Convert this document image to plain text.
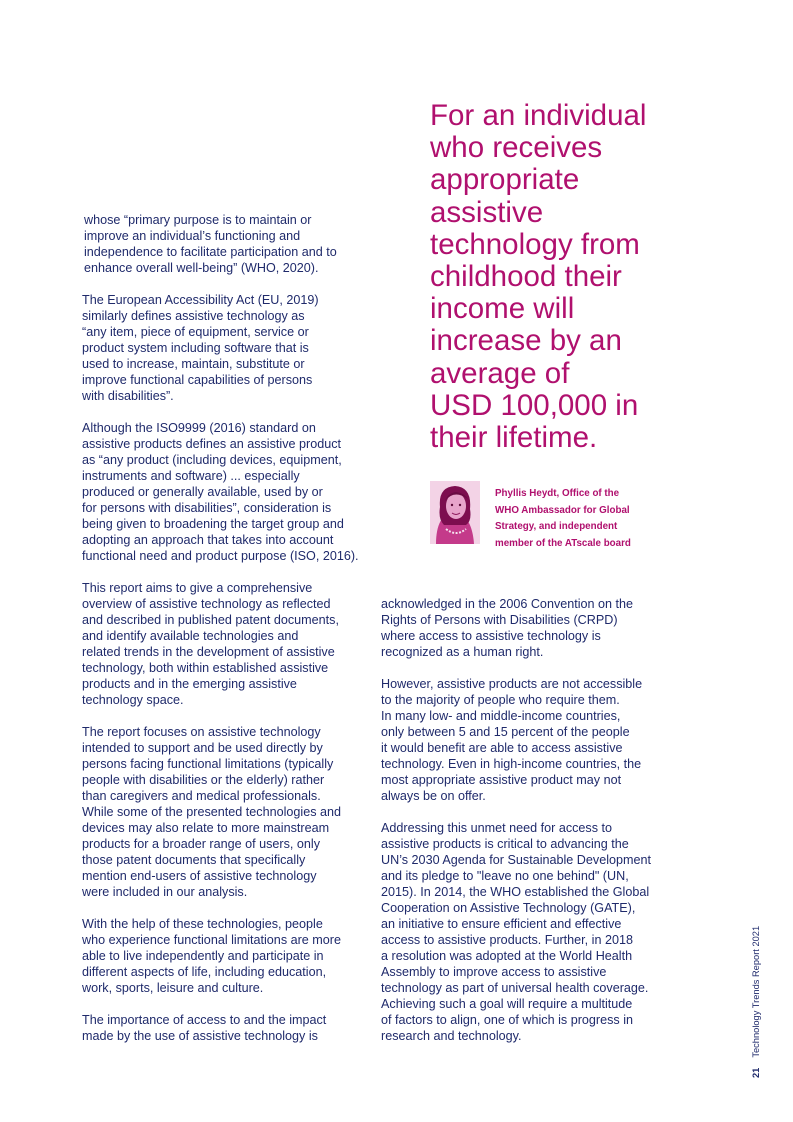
For an individual
who receives
appropriate
assistive
technology from
childhood their
income will
increase by an
average of
USD 100,000 in
their lifetime.
Phyllis Heydt, Office of the
WHO Ambassador for Global
Strategy, and independent
member of the ATscale board
whose “primary purpose is to maintain or
improve an individual’s functioning and
independence to facilitate participation and to
enhance overall well-being” (WHO, 2020).
The European Accessibility Act (EU, 2019)
similarly defines assistive technology as
“any item, piece of equipment, service or
product system including software that is
used to increase, maintain, substitute or
improve functional capabilities of persons
with disabilities”.
Although the ISO9999 (2016) standard on
assistive products defines an assistive product
as “any product (including devices, equipment,
instruments and software) ... especially
produced or generally available, used by or
for persons with disabilities”, consideration is
being given to broadening the target group and
adopting an approach that takes into account
functional need and product purpose (ISO, 2016).
This report aims to give a comprehensive
overview of assistive technology as reflected
and described in published patent documents,
and identify available technologies and
related trends in the development of assistive
technology, both within established assistive
products and in the emerging assistive
technology space.
The report focuses on assistive technology
intended to support and be used directly by
persons facing functional limitations (typically
people with disabilities or the elderly) rather
than caregivers and medical professionals.
While some of the presented technologies and
devices may also relate to more mainstream
products for a broader range of users, only
those patent documents that specifically
mention end-users of assistive technology
were included in our analysis.
With the help of these technologies, people
who experience functional limitations are more
able to live independently and participate in
different aspects of life, including education,
work, sports, leisure and culture.
The importance of access to and the impact
made by the use of assistive technology is
acknowledged in the 2006 Convention on the
Rights of Persons with Disabilities (CRPD)
where access to assistive technology is
recognized as a human right.
However, assistive products are not accessible
to the majority of people who require them.
In many low- and middle-income countries,
only between 5 and 15 percent of the people
it would benefit are able to access assistive
technology. Even in high-income countries, the
most appropriate assistive product may not
always be on offer.
Addressing this unmet need for access to
assistive products is critical to advancing the
UN’s 2030 Agenda for Sustainable Development
and its pledge to "leave no one behind" (UN,
2015). In 2014, the WHO established the Global
Cooperation on Assistive Technology (GATE),
an initiative to ensure efficient and effective
access to assistive products. Further, in 2018
a resolution was adopted at the World Health
Assembly to improve access to assistive
technology as part of universal health coverage.
Achieving such a goal will require a multitude
of factors to align, one of which is progress in
research and technology.
21Technology Trends Report 2021
